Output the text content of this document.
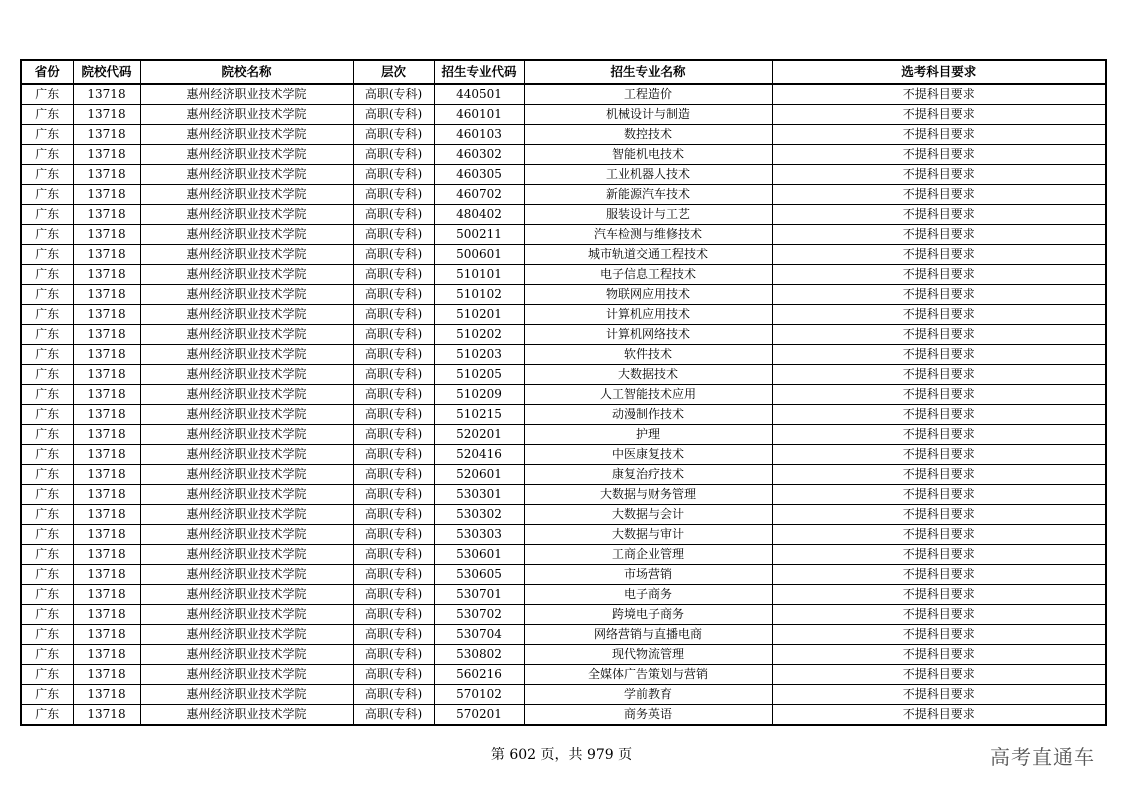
省份	院校代码	院校名称	层次	招生专业代码	招生专业名称	选考科目要求
广东	13718	惠州经济职业技术学院	高职(专科)	440501	工程造价	不提科目要求
广东	13718	惠州经济职业技术学院	高职(专科)	460101	机械设计与制造	不提科目要求
广东	13718	惠州经济职业技术学院	高职(专科)	460103	数控技术	不提科目要求
广东	13718	惠州经济职业技术学院	高职(专科)	460302	智能机电技术	不提科目要求
广东	13718	惠州经济职业技术学院	高职(专科)	460305	工业机器人技术	不提科目要求
广东	13718	惠州经济职业技术学院	高职(专科)	460702	新能源汽车技术	不提科目要求
广东	13718	惠州经济职业技术学院	高职(专科)	480402	服装设计与工艺	不提科目要求
广东	13718	惠州经济职业技术学院	高职(专科)	500211	汽车检测与维修技术	不提科目要求
广东	13718	惠州经济职业技术学院	高职(专科)	500601	城市轨道交通工程技术	不提科目要求
广东	13718	惠州经济职业技术学院	高职(专科)	510101	电子信息工程技术	不提科目要求
广东	13718	惠州经济职业技术学院	高职(专科)	510102	物联网应用技术	不提科目要求
广东	13718	惠州经济职业技术学院	高职(专科)	510201	计算机应用技术	不提科目要求
广东	13718	惠州经济职业技术学院	高职(专科)	510202	计算机网络技术	不提科目要求
广东	13718	惠州经济职业技术学院	高职(专科)	510203	软件技术	不提科目要求
广东	13718	惠州经济职业技术学院	高职(专科)	510205	大数据技术	不提科目要求
广东	13718	惠州经济职业技术学院	高职(专科)	510209	人工智能技术应用	不提科目要求
广东	13718	惠州经济职业技术学院	高职(专科)	510215	动漫制作技术	不提科目要求
广东	13718	惠州经济职业技术学院	高职(专科)	520201	护理	不提科目要求
广东	13718	惠州经济职业技术学院	高职(专科)	520416	中医康复技术	不提科目要求
广东	13718	惠州经济职业技术学院	高职(专科)	520601	康复治疗技术	不提科目要求
广东	13718	惠州经济职业技术学院	高职(专科)	530301	大数据与财务管理	不提科目要求
广东	13718	惠州经济职业技术学院	高职(专科)	530302	大数据与会计	不提科目要求
广东	13718	惠州经济职业技术学院	高职(专科)	530303	大数据与审计	不提科目要求
广东	13718	惠州经济职业技术学院	高职(专科)	530601	工商企业管理	不提科目要求
广东	13718	惠州经济职业技术学院	高职(专科)	530605	市场营销	不提科目要求
广东	13718	惠州经济职业技术学院	高职(专科)	530701	电子商务	不提科目要求
广东	13718	惠州经济职业技术学院	高职(专科)	530702	跨境电子商务	不提科目要求
广东	13718	惠州经济职业技术学院	高职(专科)	530704	网络营销与直播电商	不提科目要求
广东	13718	惠州经济职业技术学院	高职(专科)	530802	现代物流管理	不提科目要求
广东	13718	惠州经济职业技术学院	高职(专科)	560216	全媒体广告策划与营销	不提科目要求
广东	13718	惠州经济职业技术学院	高职(专科)	570102	学前教育	不提科目要求
广东	13718	惠州经济职业技术学院	高职(专科)	570201	商务英语	不提科目要求
第 602 页，共 979 页	高考直通车
